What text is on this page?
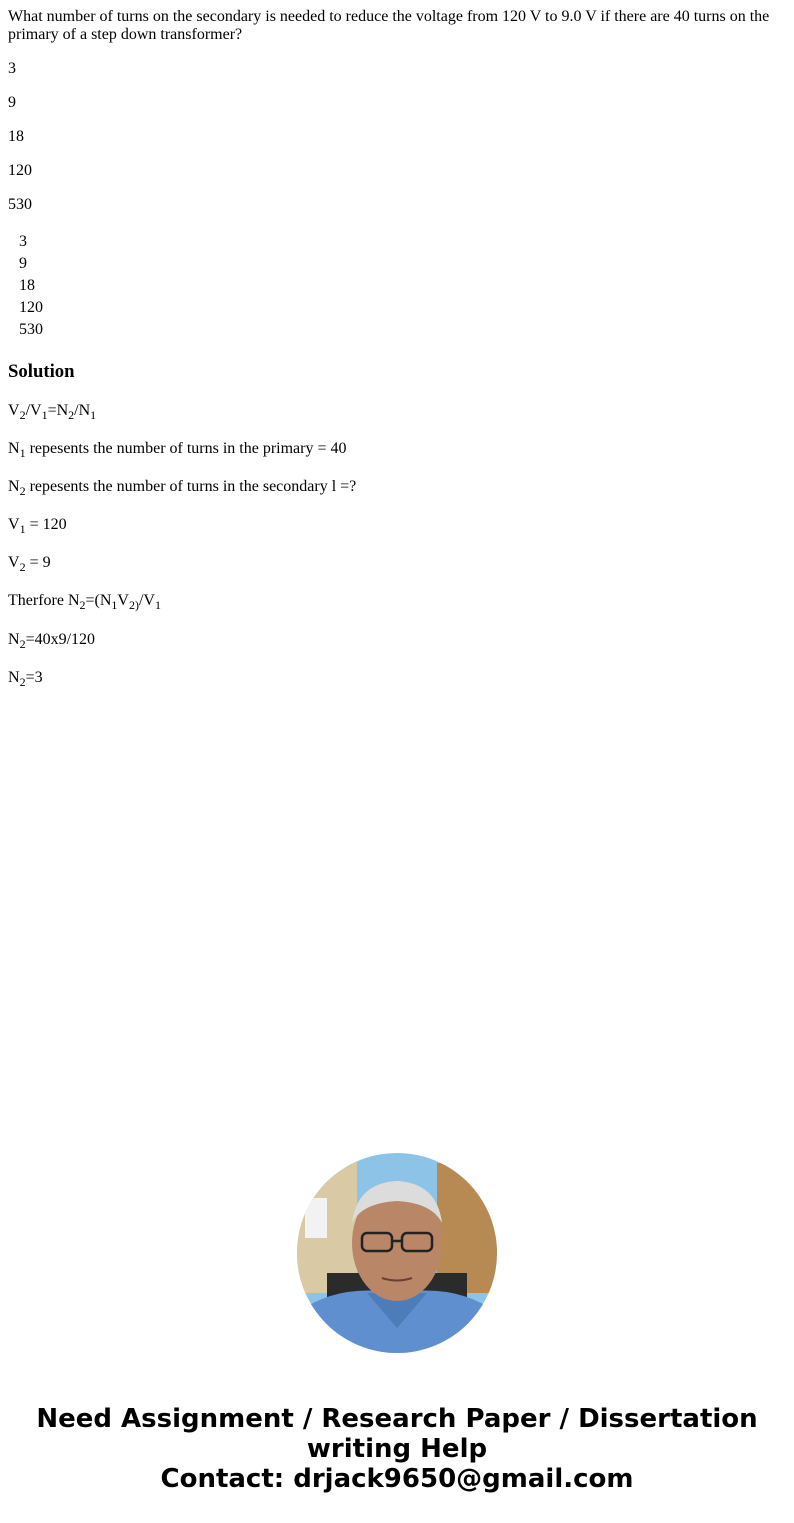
What number of turns on the secondary is needed to reduce the voltage from 120 V to 9.0 V if there are 40 turns on the primary of a step down transformer?

3

9

18

120

530

3
9
18
120
530
Solution

$V_2/V_1=N_2/N_1$

$N_1$ repesents the number of turns in the primary = 40

$N_2$ repesents the number of turns in the secondary l =?

$V_1 = 120$

$V_2 = 9$

Therfore $N_2=(N_1V_{2)}/V_1$

$N_2=40x9/120$

$N_2=3$

Need Assignment / Research Paper / Dissertation
writing Help
Contact: drjack9650@gmail.com
